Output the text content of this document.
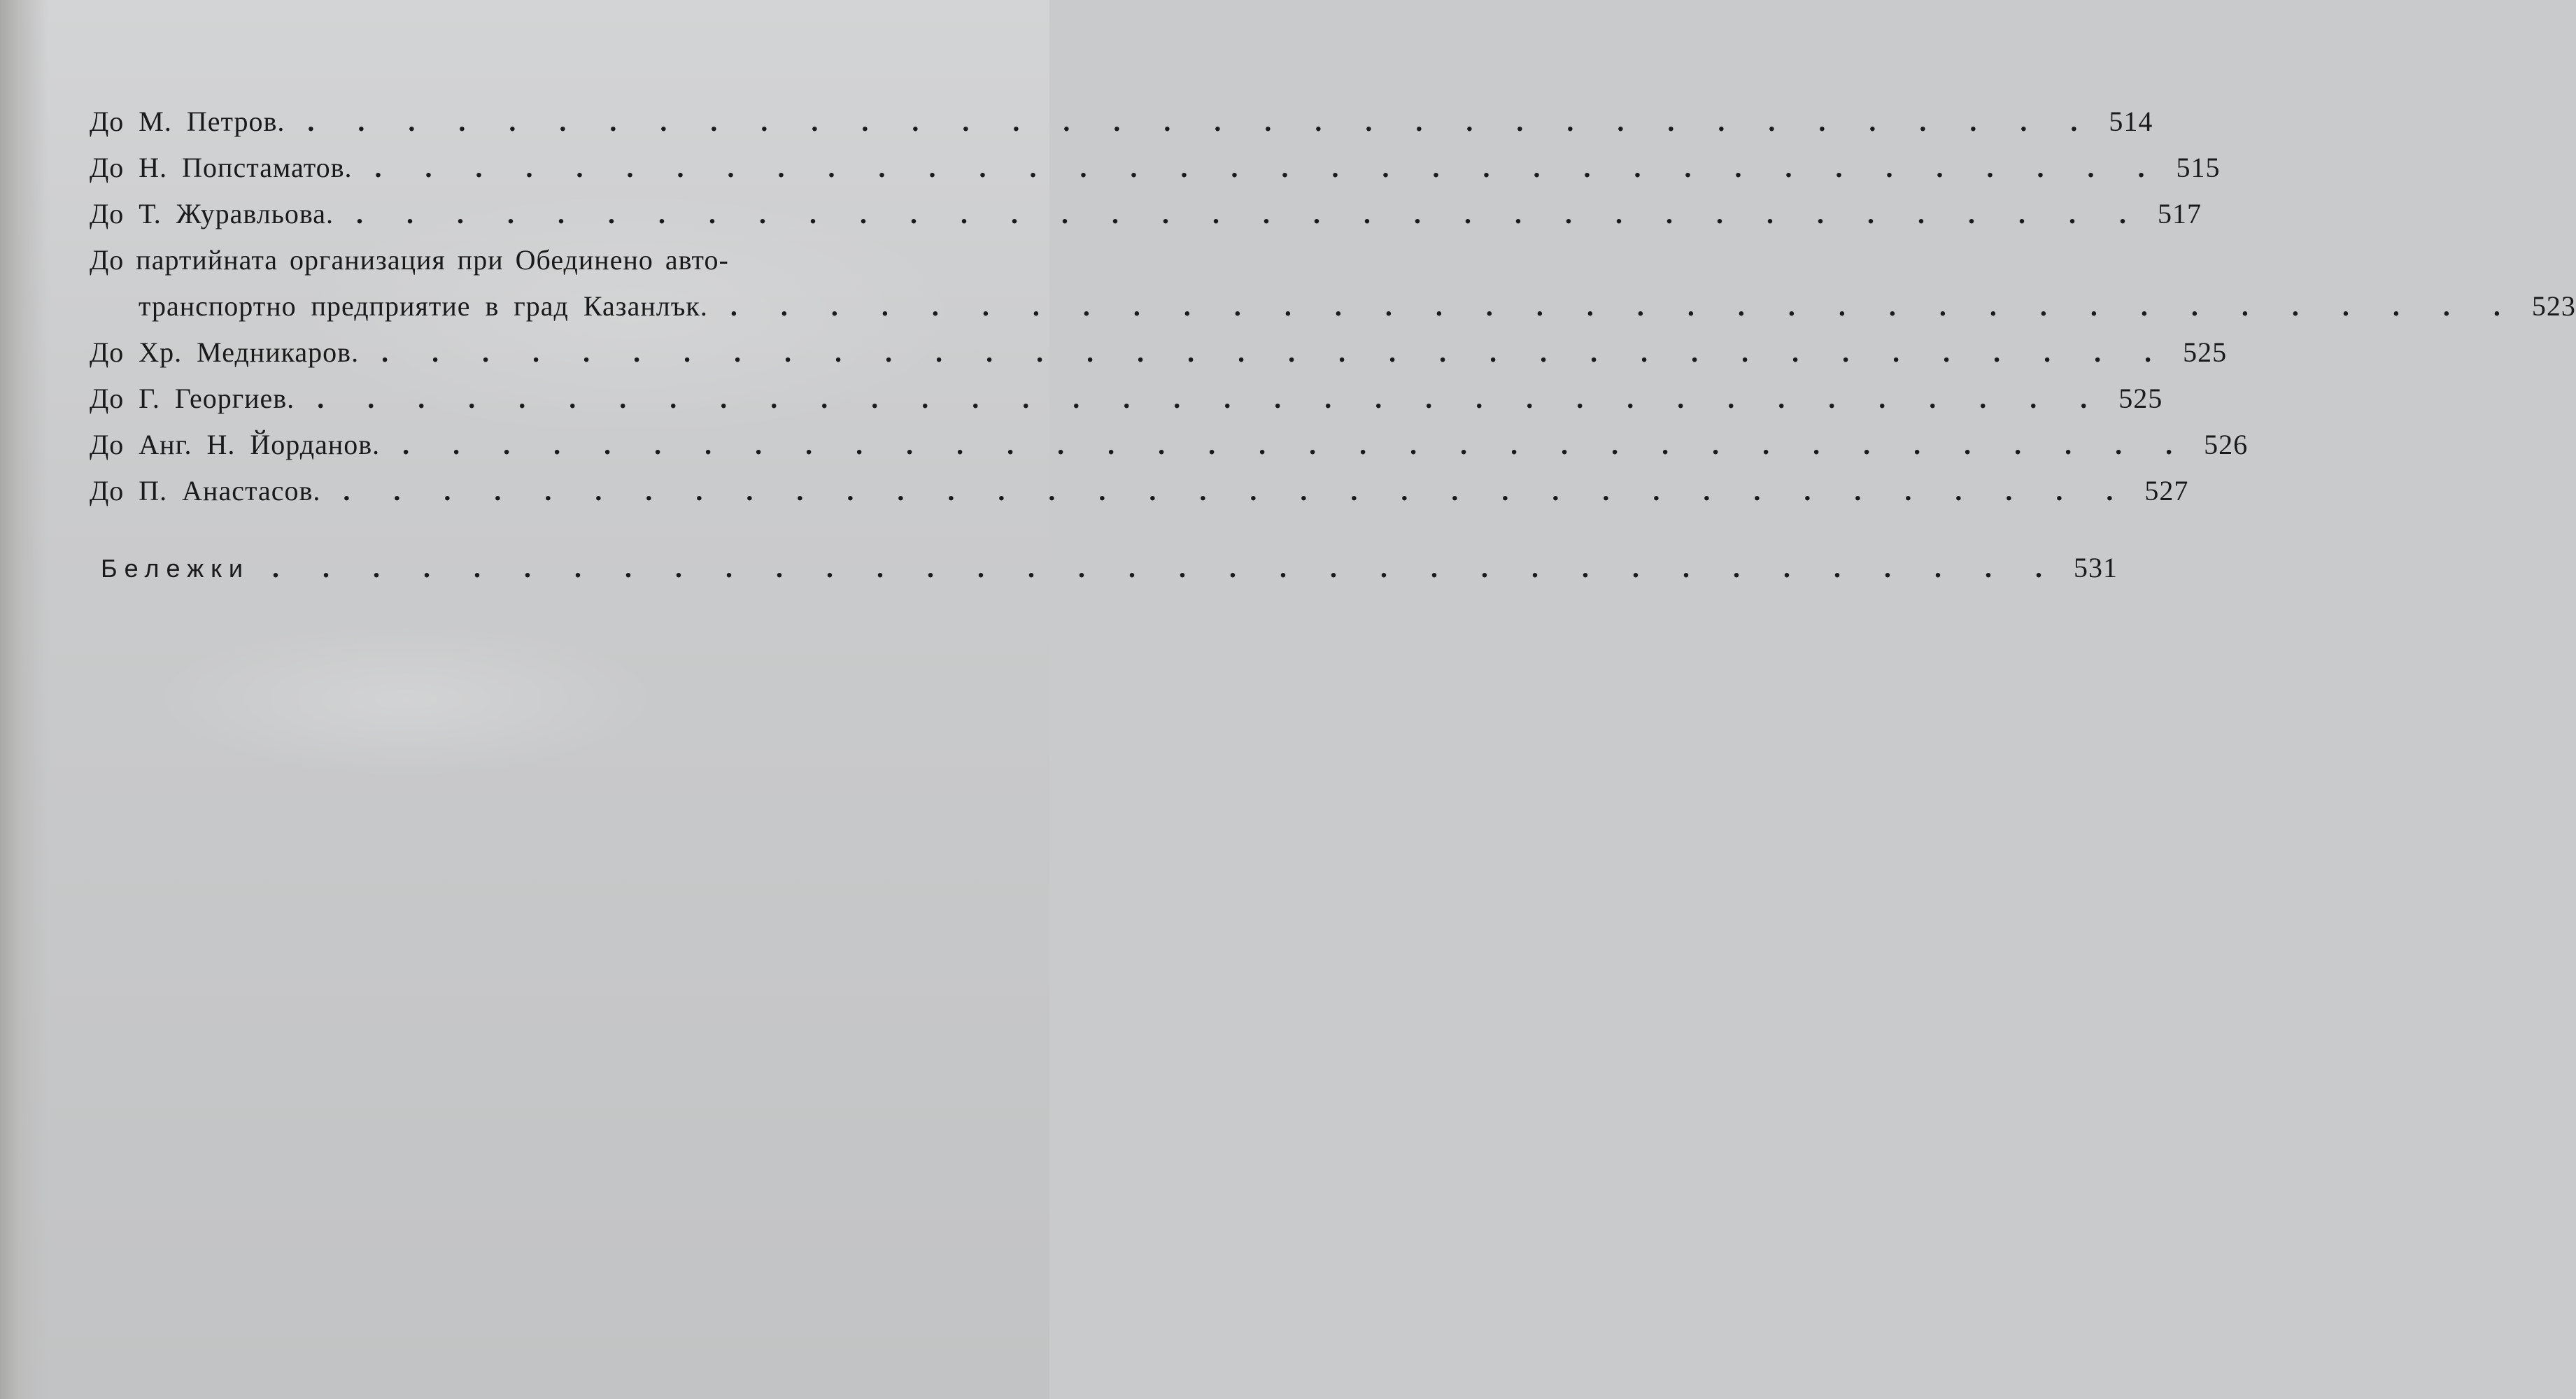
До М. Петров. . . . . . . . . . . . . . . . . . . . . . . . . . . . . . . . . . . . . 514
До Н. Попстаматов. . . . . . . . . . . . . . . . . . . . . . . . . . . . . . . . . . . . . 515
До Т. Журавльова. . . . . . . . . . . . . . . . . . . . . . . . . . . . . . . . . . . . . 517
До партийната организация при Обединено авто-
транспортно предприятие в град Казанлък. . . . . . . . . . . . . . . . . . . . . . . . . . . . . . . . . . . . . 523
До Хр. Медникаров. . . . . . . . . . . . . . . . . . . . . . . . . . . . . . . . . . . . . 525
До Г. Георгиев. . . . . . . . . . . . . . . . . . . . . . . . . . . . . . . . . . . . . 525
До Анг. Н. Йорданов. . . . . . . . . . . . . . . . . . . . . . . . . . . . . . . . . . . . . 526
До П. Анастасов. . . . . . . . . . . . . . . . . . . . . . . . . . . . . . . . . . . . . 527
Бележки . . . . . . . . . . . . . . . . . . . . . . . . . . . . . . . . . . . . 531
